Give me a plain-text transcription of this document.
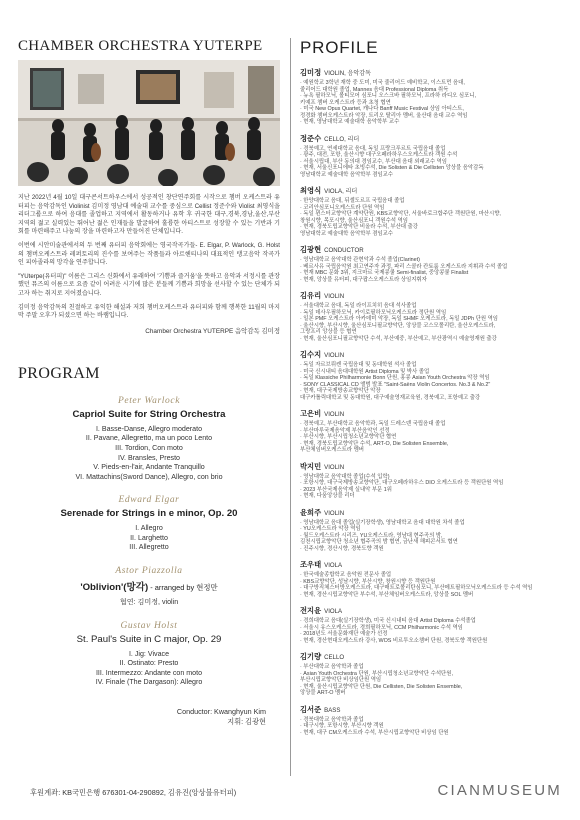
CHAMBER ORCHESTRA YUTERPE

지난 2022년 4월 10일 대구콘서트하우스에서 성공적인 창단연주회를 시작으로 챔버 오케스트라 유터피는 음악감독인 Violinist 김미정 영남대 예술대 교수를 중심으로 Cellist 정준수와 Violist 최영식을 리더그룹으로 하여 음대를 졸업하고 지역에서 활동하거나 유학 후 귀국한 대구,경북,경남,울산,부산 지역의 젊고 실력있는 뛰어난 젊은 인재들을 발굴하여 훌륭한 아티스트로 성장할 수 있는 기반과 기회를 마련해주고 나눔의 장을 마련하고자 만들어진 단체입니다.

이번에 시안미술관에서의 두 번째 유터피 음악회에는 영국작곡가들- E. Elgar, P. Warlock, G. Holst의 챔버오케스트라 레퍼토리의 진수를 보여주는 작품들과 아르헨티나의 대표적인 탱고음악 작곡가인 피아졸라의 망각을 연주합니다.

"YUterpe(유터피)" 이름은 그리스 신화에서 유래하여 '기쁨과 즐거움'을 뜻하고 음악과 서정시를 관장했던 뮤즈의 이름으로 요즘 같이 어려운 시기에 많은 분들께 기쁨과 희망을 선사할 수 있는 단체가 되고자 하는 취지로 지어졌습니다.

김미정 음악감독의 친절하고 유익한 해설과 저희 챔버오케스트라 유터피와 함께 행복한 11월의 마지막 주말 오후가 되셨으면 하는 바램입니다.

Chamber Orchestra YUTERPE 음악감독 김미정
PROGRAM
Peter Warlock
Capriol Suite for String Orchestra
I. Basse-Danse, Allegro moderato
II. Pavane, Allegretto, ma un poco Lento
III. Tordion, Con moto
IV. Bransles, Presto
V. Pieds-en-l'air, Andante Tranquillo
VI. Mattachins(Sword Dance), Allegro, con brio
Edward Elgar
Serenade for Strings in e minor, Op. 20
I. Allegro
II. Larghetto
III. Allegretto
Astor Piazzolla
'Oblivion'(망각) - arranged by 현정만
협연: 김미정, violin
Gustav Holst
St. Paul's Suite in C major, Op. 29
I. Jig: Vivace
II. Ostinato: Presto
III. Intermezzo: Andante con moto
IV. Finale (The Dargason): Allegro
Conductor: Kwanghyun Kim
지휘: 김광현
PROFILE
김미정 VIOLIN, 음악감독
· 예원학교 3학년 재학 중 도미, 미국 줄리어드 예비학교, 이스트먼 음대,
줄리어드 대학원 졸업, Mannes 음대 Professional Diploma 취득
· 뉴욕 필하모닉, 볼티모어 심포니 오스크바 필하모닉, 프라하 라디오 심포니,
키예프 챔버 오케스트라 등과 초청 협연
· 미국 New Opus Quartet, 캐나다 Banff Music Festival 상임 아티스트,
정경화 챔버오케스트라 악장, 트리오 탈리아 멤버, 울산대 음대 교수 역임
· 현재, 영남대학교 예술대학 음악학부 교수
정준수 CELLO, 리더
· 경북예고, 연세대학교 음대, 독일 프랑크푸르트 국립음대 졸업
· 광주, 대전, 포항, 울산시향 대구오페라하우스오케스트라 객원 수석
· 서울시립대, 부산 동의대 경임교수, 부산대 음대 외래교수 역임
· 현재, 서울신포니에타 초빙수석, Die Solisten & Die Cellisten 앙상블 음악감독
영남대학교 예술대학 음악학부 겸임교수
최영식 VIOLA, 리더
· 한양대학교 음대, 뒤셀도르프 국립음대 졸업
· 코리안심포니오케스트라 단원 역임
· 독일 뮌스터교향악단 계약단원, KBS교향악단, 서울바로크합주단 객원단원, 마산시향,
창원시향, 목포시향, 울산심포니 객원수석 역임
· 현재, 경북도립교향악단 비올라 수석, 부산대 출강
영남대학교 예술대학 음악학부 겸임교수
김광현 CONDUCTOR
· 영남대학교 음악대학 관현악과 수석 졸업(Clarinet)
· 베르사유 국립음악원 최고연주자 과정, 파리 스콜라 칸토룸 오케스트라 지휘과 수석 졸업
· 현재 MBC 문화 3위, 지크마르 국제콩쿨 Semi-finalist, 중앙콩쿨 Finalist
· 현재, 앙상블 유터피, 대구팝스오케스트라 상임지휘자
김유리 VIOLIN
· 서울대학교 음대, 독일 라이프치히 음대 석사졸업
· 독일 데사우필하모닉, 카이로필하모닉오케스트라 정단원 역임
· 일본 PMF 오케스트라 아카데미 악장, 독일 SHMF 오케스트라, 독일 JDPh 단원 역임
· 울산시향, 부산시향, 울산심포니필교향악단, 앙상블 코스모폴리탄, 울산오케스트라,
그랑프리 앙상블 등 협연
· 현재, 울산심포니필교향악단 수석, 부산예중, 부산예고, 부산광역시 예술영재원 출강
김수지 VIOLIN
· 독일 자르브뤼켄 국립음대 및 동대학원 석사 졸업
· 미국 신시내티 음대대학원 Artist Diploma 및 박사 졸업
· 독일 Klassiche Philharmonie Bonn 단원, 홍콩 Asian Youth Orchestra 악장 역임
· SONY CLASSICAL CD 앨범 발표 "Saint-Saëns Violin Concertos. No.3 & No.2"
· 현재, 대구국제방송교향악단 악장
대구카톨릭대학교 및 동대학원, 대구예술영재교육원, 경북예고, 포항예고 출강
고은비 VIOLIN
· 경북예고, 부산대학교 음악학과, 독일 드레스덴 국립음대 졸업
· 부산마루국제음악제 부산음악인 선정
· 부산시향, 부산시립청소년교향악단 협연
· 현재, 경북도립교향악단 수석, ART-O, Die Solisten Ensemble,
부산체임버오케스트라 멤버
박지민 VIOLIN
· 영남대학교 음악대학 졸업(수석 입학)
· 포항시향, 대구국제방송교향악단, 대구오페라하우스 DIO 오케스트라 등 객원단원 역임
· 2023 부산국제음악제 실내악 부문 1위
· 현재, 다움앙상블 리더
윤희주 VIOLIN
· 영남대학교 음대 졸업(실기장학생), 영남대학교 음대 대학원 차석 졸업
· YU오케스트라 악장 역임
· 월드오케스트라 시리즈, YU오케스트라, 영남대 현주곡의 밤,
김천시립교향악단 청소년 협주곡의 밤 협연, 금난새 해피콘서트 협연
· 진주시향, 경산시향, 경북도향 객원
조우태 VIOLA
· 한국예술종합학교 음악원 전문사 졸업
· KBS교향악단, 성남시향, 부산시향, 창원시향 등 객원단원
· 대구방직체스터방오케스트라, 대구매트로폴리탄심포니, 부산메트필하모닉오케스트라 등 수석 역임
· 현재, 경산시립교향악단 부수석, 부산체임버오케스트라, 앙상블 SOL 멤버
전지윤 VIOLA
· 경희대학교 음대(실기장학생), 미국 신시내티 음대 Artist Diploma 수석졸업
· 서울시 유스오케스트라, 경희필하모닉, CCM Philharmonic 수석 역임
· 2018년도 서울문화재단 예술가 선정
· 현재, 경산현대오케스트라 강사, WOS 비르투오소챔버 단원, 경북도향 객원단원
김기량 CELLO
· 부산대학교 음악학과 졸업
· Asian Youth Orchestra 단원, 부산시립청소년교향악단 수석단원,
부산시립교향악단 비상임단원 역임
· 현재, 울산시립교향악단 단원, Die Cellisten, Die Solisten Ensemble,
앙상블 ART-O 멤버
김서준 BASS
· 경북대학교 음악학과 졸업
· 대구시향, 포항시향, 부산시향 객원
· 현재, 대구 CM오케스트라 수석, 부산시립교향악단 비상임 단원
후원계좌: KB국민은행 676301-04-290892, 김유진(앙상블유터피)	CIANMUSEUM
